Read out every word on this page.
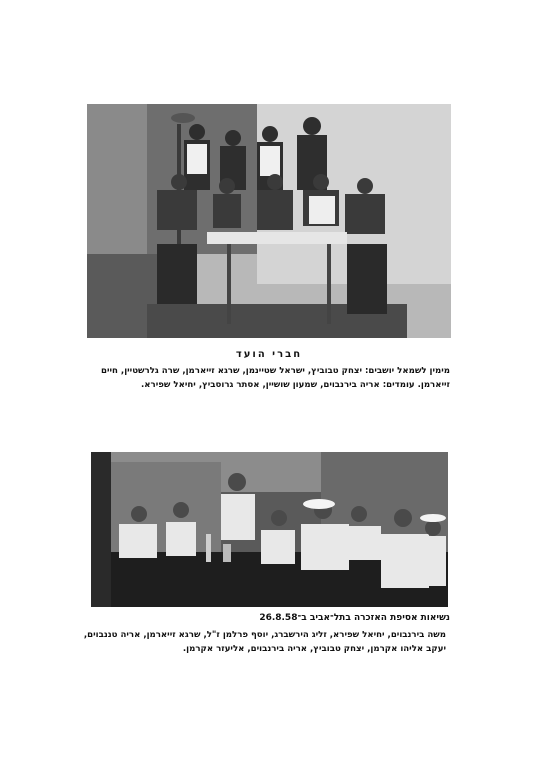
חברי הועד
מימין לשמאל יושבים: יצחק טבוביץ, ישראל שטיינמן, שרגא זייארמן, שרה גלרשטיין, חיים
זייארמן. עומדים: אריה בירנבוים, שמעון שושיין, אסתר גרוסביץ, יחיאל שפירא.
נשיאות אסיפת האזכרה בתל־אביב ב־26.8.58
משה בירנבוים, יחיאל שפירא, זליג הירשברג, יוסף פרלמן ז"ל, שרגא זייארמן, אריה טננבוים,
יעקב אליהו אקרמן, יצחק טבוביץ, אריה בירנבוים, אליעזר אקרמן.
